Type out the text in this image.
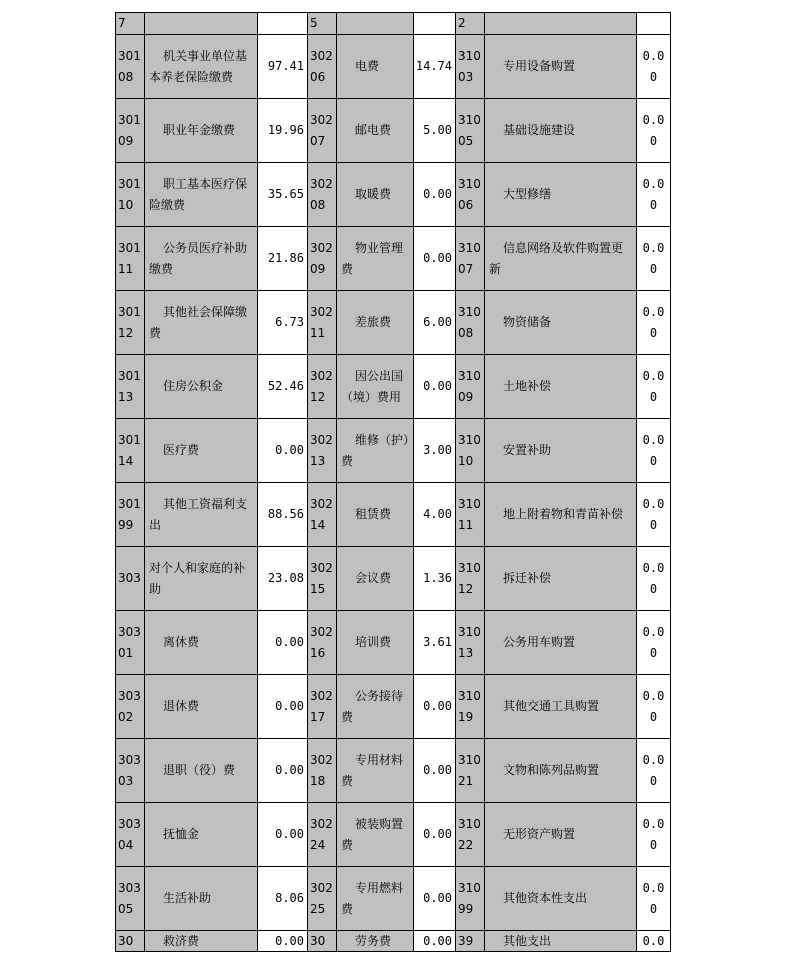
7			5			2		
30108	机关事业单位基本养老保险缴费	97.41	30206	电费	14.74	31003	专用设备购置	0.00
30109	职业年金缴费	19.96	30207	邮电费	5.00	31005	基础设施建设	0.00
30110	职工基本医疗保险缴费	35.65	30208	取暖费	0.00	31006	大型修缮	0.00
30111	公务员医疗补助缴费	21.86	30209	物业管理费	0.00	31007	信息网络及软件购置更新	0.00
30112	其他社会保障缴费	6.73	30211	差旅费	6.00	31008	物资储备	0.00
30113	住房公积金	52.46	30212	因公出国（境）费用	0.00	31009	土地补偿	0.00
30114	医疗费	0.00	30213	维修（护）费	3.00	31010	安置补助	0.00
30199	其他工资福利支出	88.56	30214	租赁费	4.00	31011	地上附着物和青苗补偿	0.00
303	对个人和家庭的补助	23.08	30215	会议费	1.36	31012	拆迁补偿	0.00
30301	离休费	0.00	30216	培训费	3.61	31013	公务用车购置	0.00
30302	退休费	0.00	30217	公务接待费	0.00	31019	其他交通工具购置	0.00
30303	退职（役）费	0.00	30218	专用材料费	0.00	31021	文物和陈列品购置	0.00
30304	抚恤金	0.00	30224	被装购置费	0.00	31022	无形资产购置	0.00
30305	生活补助	8.06	30225	专用燃料费	0.00	31099	其他资本性支出	0.00
30	救济费	0.00	30	劳务费	0.00	39	其他支出	0.0
